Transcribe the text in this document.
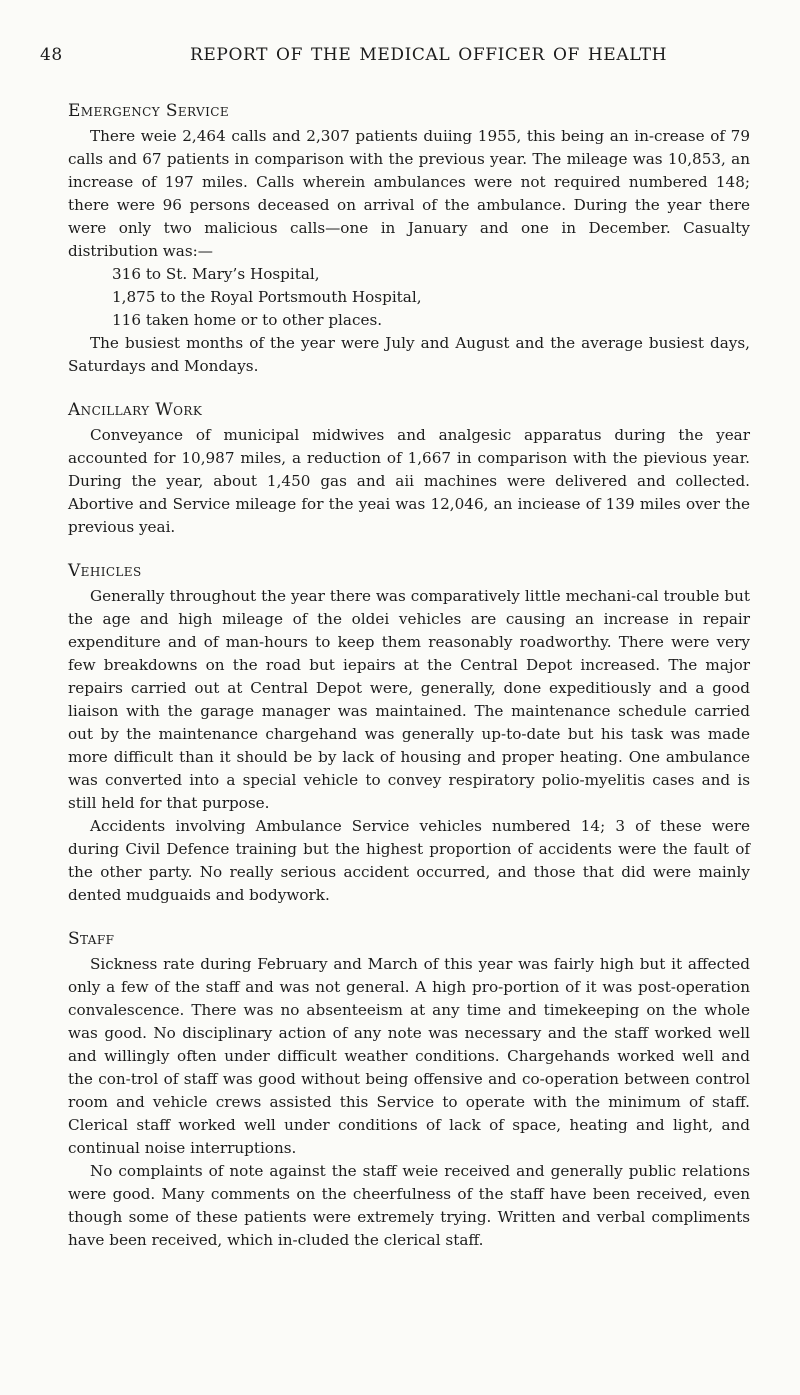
48	REPORT OF THE MEDICAL OFFICER OF HEALTH
Emergency Service

There weie 2,464 calls and 2,307 patients duiing 1955, this being an in-crease of 79 calls and 67 patients in comparison with the previous year. The mileage was 10,853, an increase of 197 miles. Calls wherein ambulances were not required numbered 148; there were 96 persons deceased on arrival of the ambulance. During the year there were only two malicious calls—one in January and one in December. Casualty distribution was:—

316 to St. Mary’s Hospital,
1,875 to the Royal Portsmouth Hospital,
116 taken home or to other places.

The busiest months of the year were July and August and the average busiest days, Saturdays and Mondays.

Ancillary Work

Conveyance of municipal midwives and analgesic apparatus during the year accounted for 10,987 miles, a reduction of 1,667 in comparison with the pievious year. During the year, about 1,450 gas and aii machines were delivered and collected. Abortive and Service mileage for the yeai was 12,046, an inciease of 139 miles over the previous yeai.

Vehicles

Generally throughout the year there was comparatively little mechani-cal trouble but the age and high mileage of the oldei vehicles are causing an increase in repair expenditure and of man-hours to keep them reasonably roadworthy. There were very few breakdowns on the road but iepairs at the Central Depot increased. The major repairs carried out at Central Depot were, generally, done expeditiously and a good liaison with the garage manager was maintained. The maintenance schedule carried out by the maintenance chargehand was generally up-to-date but his task was made more difficult than it should be by lack of housing and proper heating. One ambulance was converted into a special vehicle to convey respiratory polio-myelitis cases and is still held for that purpose.

Accidents involving Ambulance Service vehicles numbered 14; 3 of these were during Civil Defence training but the highest proportion of accidents were the fault of the other party. No really serious accident occurred, and those that did were mainly dented mudguaids and bodywork.

Staff

Sickness rate during February and March of this year was fairly high but it affected only a few of the staff and was not general. A high pro-portion of it was post-operation convalescence. There was no absenteeism at any time and timekeeping on the whole was good. No disciplinary action of any note was necessary and the staff worked well and willingly often under difficult weather conditions. Chargehands worked well and the con-trol of staff was good without being offensive and co-operation between control room and vehicle crews assisted this Service to operate with the minimum of staff. Clerical staff worked well under conditions of lack of space, heating and light, and continual noise interruptions.

No complaints of note against the staff weie received and generally public relations were good. Many comments on the cheerfulness of the staff have been received, even though some of these patients were extremely trying. Written and verbal compliments have been received, which in-cluded the clerical staff.
